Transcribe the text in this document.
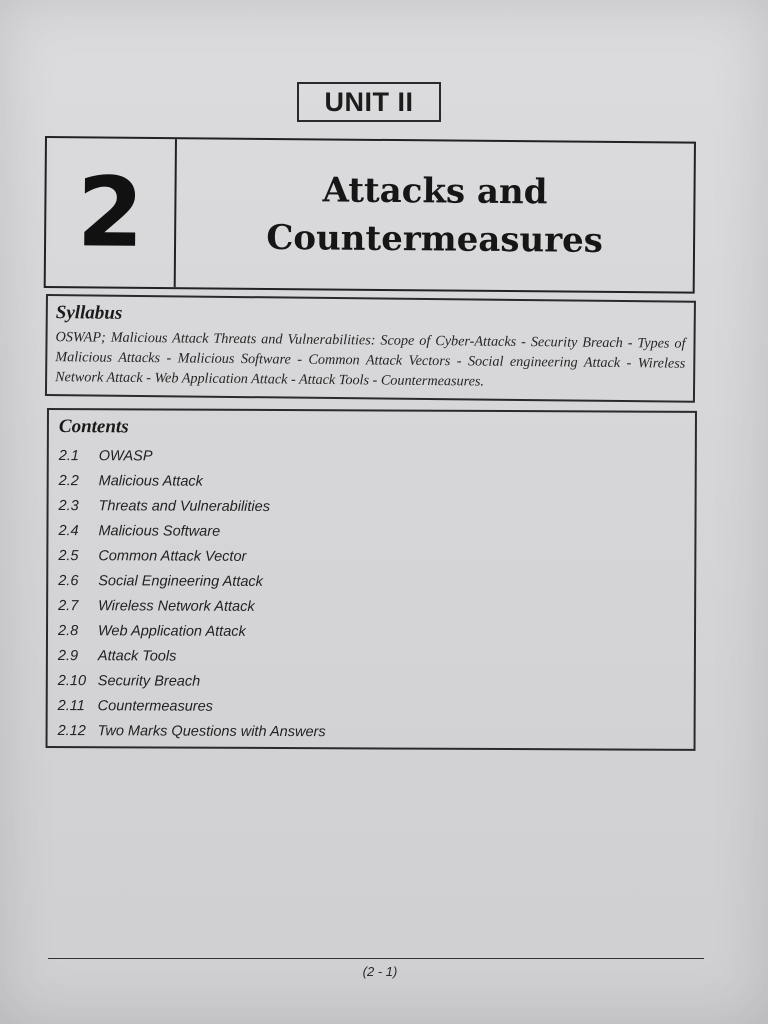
UNIT II
2	Attacks and
Countermeasures
Syllabus

OSWAP; Malicious Attack Threats and Vulnerabilities: Scope of Cyber-Attacks - Security Breach - Types of Malicious Attacks - Malicious Software - Common Attack Vectors - Social engineering Attack - Wireless Network Attack - Web Application Attack - Attack Tools - Countermeasures.

Contents
2.1	OWASP
2.2	Malicious Attack
2.3	Threats and Vulnerabilities
2.4	Malicious Software
2.5	Common Attack Vector
2.6	Social Engineering Attack
2.7	Wireless Network Attack
2.8	Web Application Attack
2.9	Attack Tools
2.10 Security Breach
2.11 Countermeasures
2.12 Two Marks Questions with Answers
(2 - 1)
